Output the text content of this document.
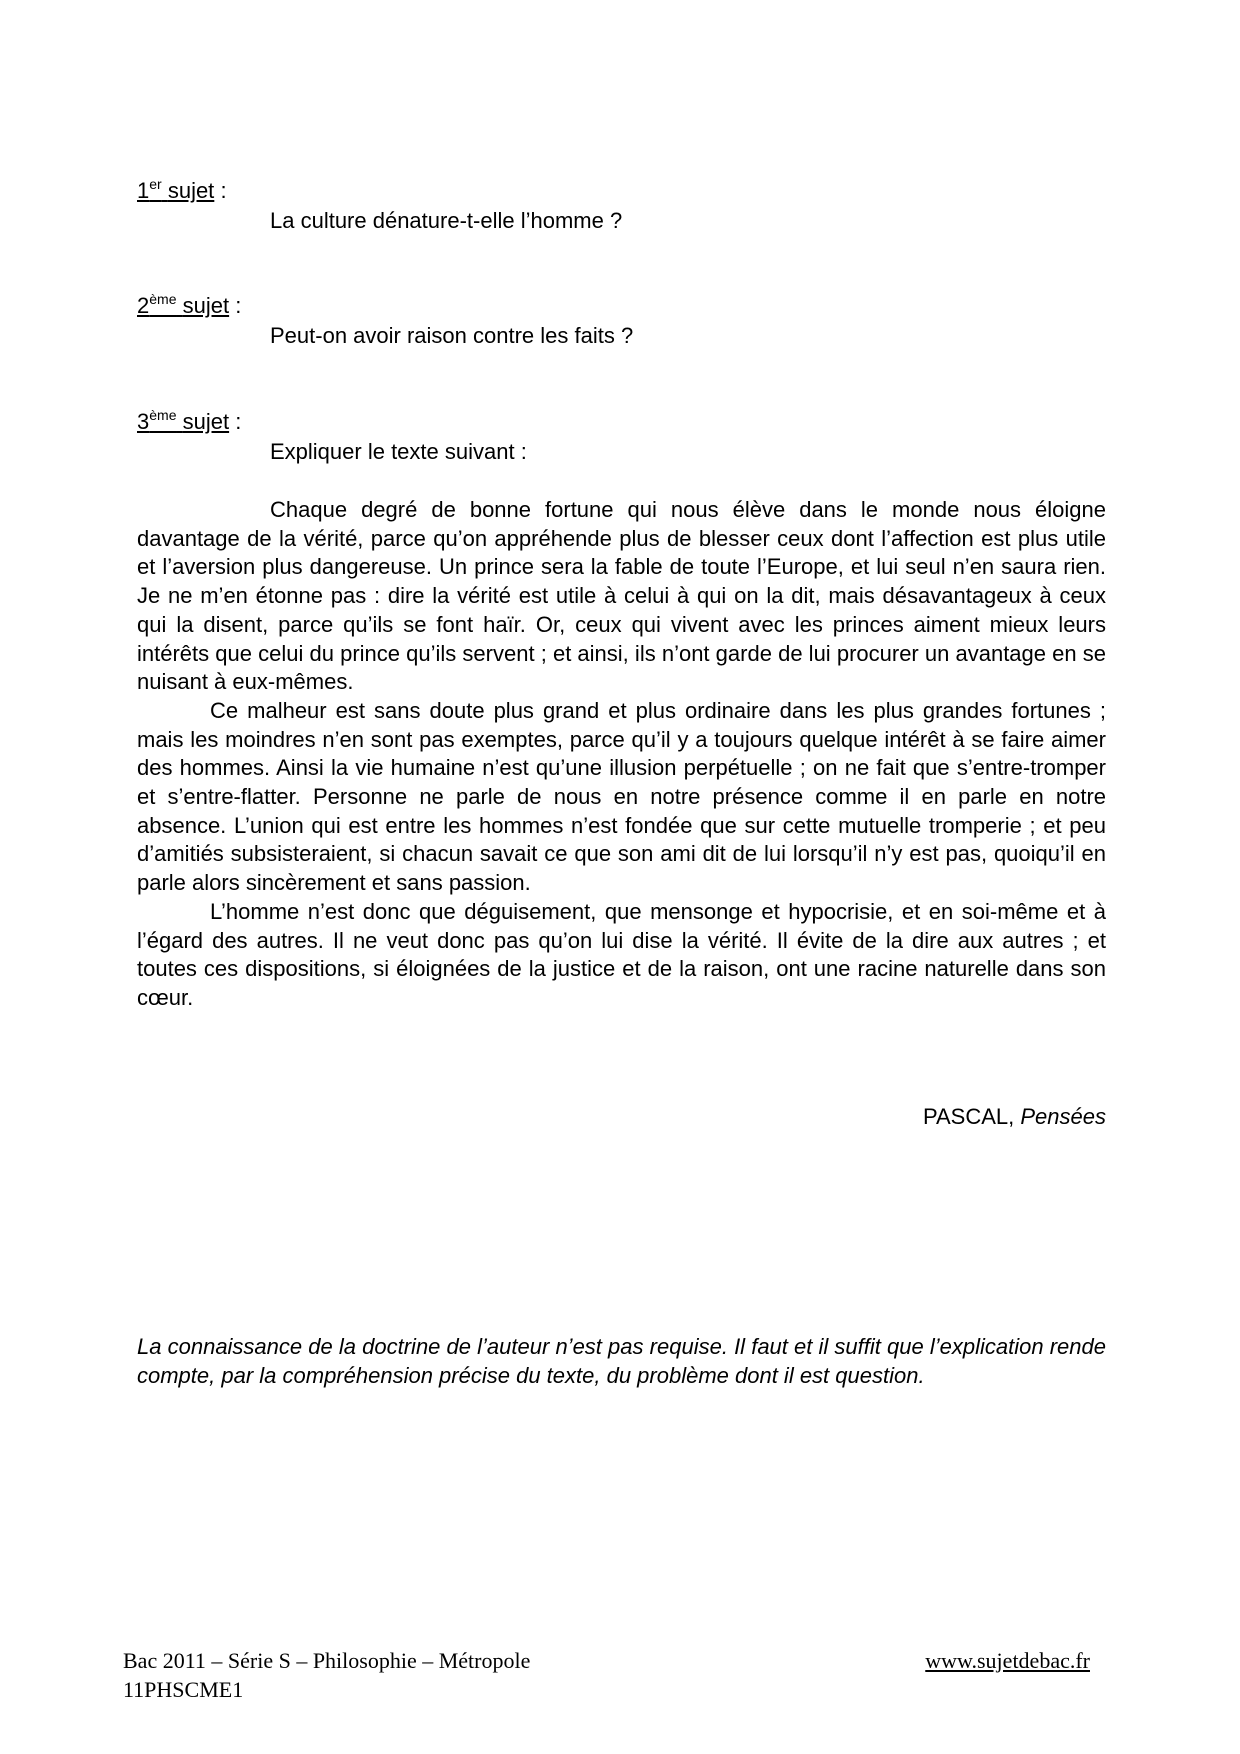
1er sujet :
La culture dénature-t-elle l’homme ?
2ème sujet :
Peut-on avoir raison contre les faits ?
3ème sujet :
Expliquer le texte suivant :

Chaque degré de bonne fortune qui nous élève dans le monde nous éloigne davantage de la vérité, parce qu’on appréhende plus de blesser ceux dont l’affection est plus utile et l’aversion plus dangereuse. Un prince sera la fable de toute l’Europe, et lui seul n’en saura rien. Je ne m’en étonne pas : dire la vérité est utile à celui à qui on la dit, mais désavantageux à ceux qui la disent, parce qu’ils se font haïr. Or, ceux qui vivent avec les princes aiment mieux leurs intérêts que celui du prince qu’ils servent ; et ainsi, ils n’ont garde de lui procurer un avantage en se nuisant à eux-mêmes.

Ce malheur est sans doute plus grand et plus ordinaire dans les plus grandes fortunes ; mais les moindres n’en sont pas exemptes, parce qu’il y a toujours quelque intérêt à se faire aimer des hommes. Ainsi la vie humaine n’est qu’une illusion perpétuelle ; on ne fait que s’entre-tromper et s’entre-flatter. Personne ne parle de nous en notre présence comme il en parle en notre absence. L’union qui est entre les hommes n’est fondée que sur cette mutuelle tromperie ; et peu d’amitiés subsisteraient, si chacun savait ce que son ami dit de lui lorsqu’il n’y est pas, quoiqu’il en parle alors sincèrement et sans passion.

L’homme n’est donc que déguisement, que mensonge et hypocrisie, et en soi-même et à l’égard des autres. Il ne veut donc pas qu’on lui dise la vérité. Il évite de la dire aux autres ; et toutes ces dispositions, si éloignées de la justice et de la raison, ont une racine naturelle dans son cœur.

PASCAL, Pensées
La connaissance de la doctrine de l’auteur n’est pas requise. Il faut et il suffit que l’explication rende compte, par la compréhension précise du texte, du problème dont il est question.
Bac 2011 – Série S – Philosophie – Métropole
11PHSCME1
www.sujetdebac.fr
